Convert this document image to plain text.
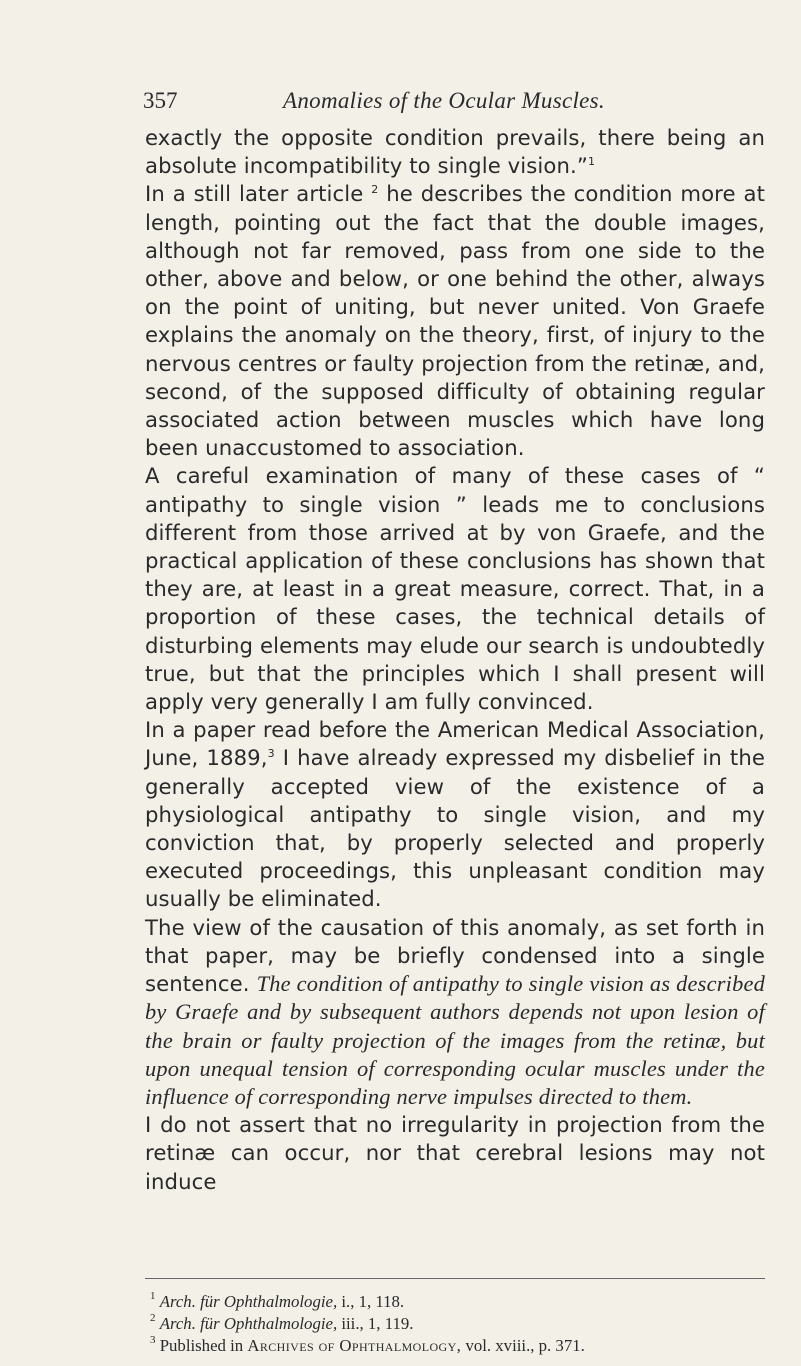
357	Anomalies of the Ocular Muscles.

exactly the opposite condition prevails, there being an absolute incompatibility to single vision.”$^1$

In a still later article $^2$ he describes the condition more at length, pointing out the fact that the double images, although not far removed, pass from one side to the other, above and below, or one behind the other, always on the point of uniting, but never united. Von Graefe explains the anomaly on the theory, first, of injury to the nervous centres or faulty projection from the retinæ, and, second, of the supposed difficulty of obtaining regular associated action between muscles which have long been unaccustomed to association.

A careful examination of many of these cases of “ antipathy to single vision ” leads me to conclusions different from those arrived at by von Graefe, and the practical application of these conclusions has shown that they are, at least in a great measure, correct. That, in a proportion of these cases, the technical details of disturbing elements may elude our search is undoubtedly true, but that the principles which I shall present will apply very generally I am fully convinced.

In a paper read before the American Medical Association, June, 1889,$^3$ I have already expressed my disbelief in the generally accepted view of the existence of a physiological antipathy to single vision, and my conviction that, by properly selected and properly executed proceedings, this unpleasant condition may usually be eliminated.

The view of the causation of this anomaly, as set forth in that paper, may be briefly condensed into a single sentence. The condition of antipathy to single vision as described by Graefe and by subsequent authors depends not upon lesion of the brain or faulty projection of the images from the retinæ, but upon unequal tension of corresponding ocular muscles under the influence of corresponding nerve impulses directed to them.

I do not assert that no irregularity in projection from the retinæ can occur, nor that cerebral lesions may not induce

$^1$ Arch. für Ophthalmologie, i., 1, 118.
$^2$ Arch. für Ophthalmologie, iii., 1, 119.
$^3$ Published in Archives of Ophthalmology, vol. xviii., p. 371.
